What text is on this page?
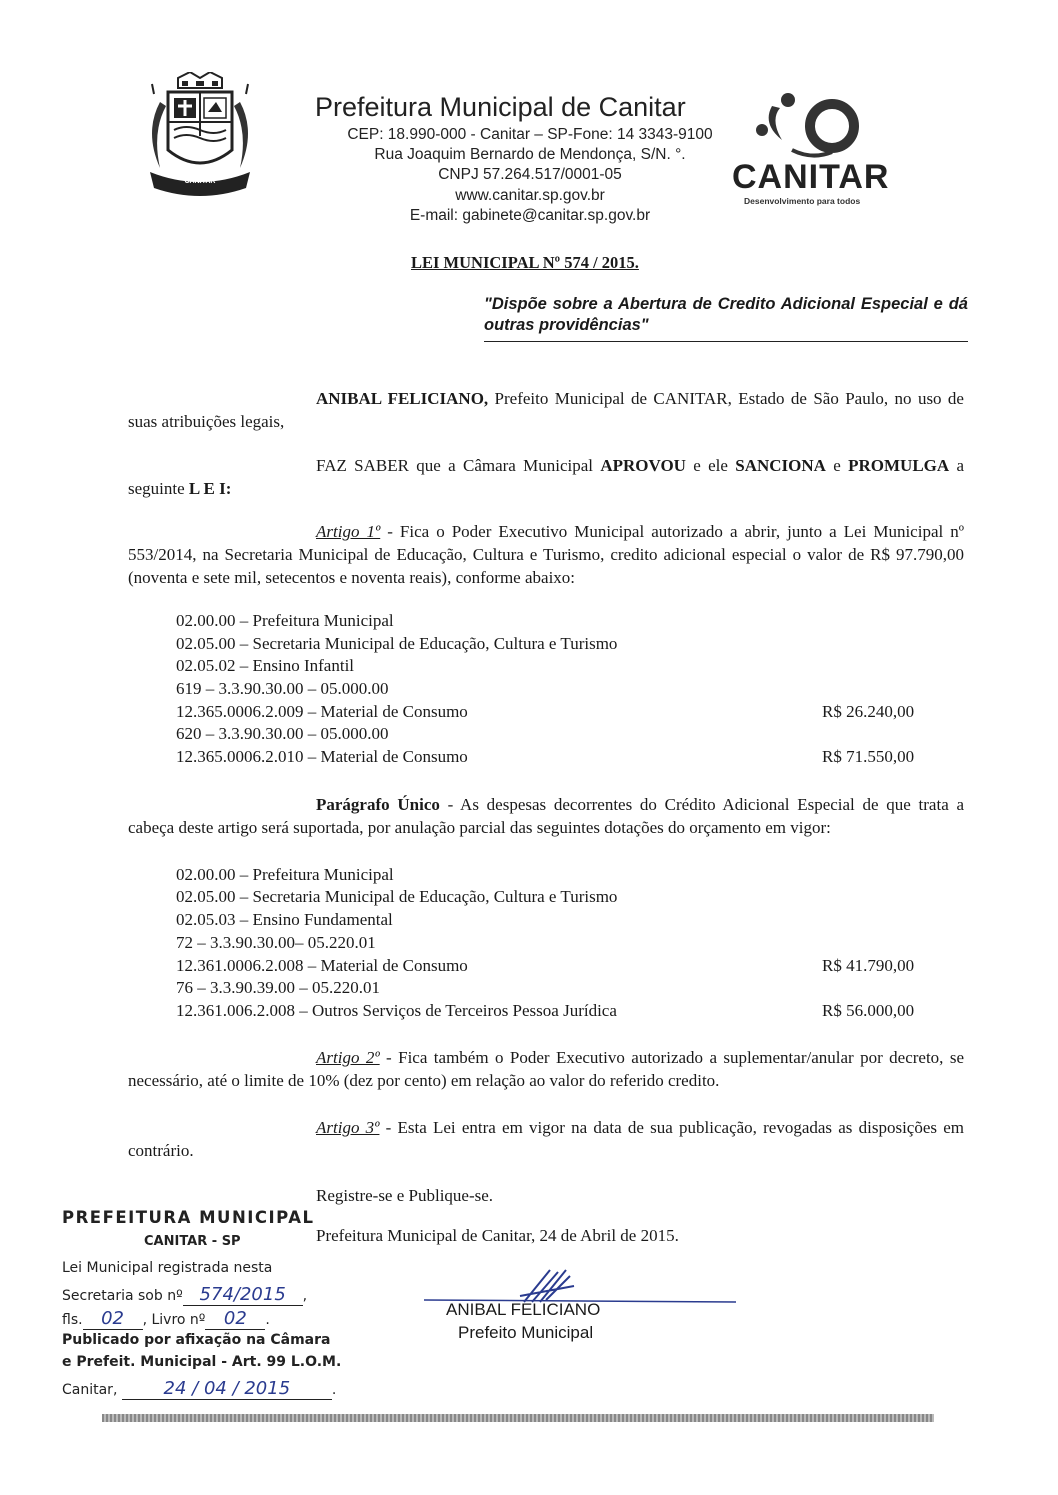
CANITAR
Prefeitura Municipal de Canitar
CEP: 18.990-000 - Canitar – SP-Fone: 14 3343-9100
Rua Joaquim Bernardo de Mendonça, S/N. °.
CNPJ 57.264.517/0001-05
www.canitar.sp.gov.br
E-mail: gabinete@canitar.sp.gov.br
CANITAR
Desenvolvimento para todos
LEI MUNICIPAL Nº 574 / 2015.
"Dispõe sobre a Abertura de Credito Adicional Especial e dá outras providências"
ANIBAL FELICIANO, Prefeito Municipal de CANITAR, Estado de São Paulo, no uso de suas atribuições legais,
FAZ SABER que a Câmara Municipal APROVOU e ele SANCIONA e PROMULGA a seguinte L E I:
Artigo 1º - Fica o Poder Executivo Municipal autorizado a abrir, junto a Lei Municipal nº 553/2014, na Secretaria Municipal de Educação, Cultura e Turismo, credito adicional especial o valor de R$ 97.790,00 (noventa e sete mil, setecentos e noventa reais), conforme abaixo:
02.00.00 – Prefeitura Municipal
02.05.00 – Secretaria Municipal de Educação, Cultura e Turismo
02.05.02 – Ensino Infantil
619 – 3.3.90.30.00 – 05.000.00
12.365.0006.2.009 – Material de Consumo	R$ 26.240,00
620 – 3.3.90.30.00 – 05.000.00
12.365.0006.2.010 – Material de Consumo	R$ 71.550,00
Parágrafo Único - As despesas decorrentes do Crédito Adicional Especial de que trata a cabeça deste artigo será suportada, por anulação parcial das seguintes dotações do orçamento em vigor:
02.00.00 – Prefeitura Municipal
02.05.00 – Secretaria Municipal de Educação, Cultura e Turismo
02.05.03 – Ensino Fundamental
72 – 3.3.90.30.00– 05.220.01
12.361.0006.2.008 – Material de Consumo	R$ 41.790,00
76 – 3.3.90.39.00 – 05.220.01
12.361.006.2.008 – Outros Serviços de Terceiros Pessoa Jurídica	R$ 56.000,00
Artigo 2º - Fica também o Poder Executivo autorizado a suplementar/anular por decreto, se necessário, até o limite de 10% (dez por cento) em relação ao valor do referido credito.
Artigo 3º - Esta Lei entra em vigor na data de sua publicação, revogadas as disposições em contrário.
Registre-se e Publique-se.
Prefeitura Municipal de Canitar, 24 de Abril de 2015.
ANIBAL FELICIANO
Prefeito Municipal
PREFEITURA MUNICIPAL
CANITAR - SP
Lei Municipal registrada nesta
Secretaria sob nº 574/2015 ,
fls. 02 , Livro nº 02 .
Publicado por afixação na Câmara
e Prefeit. Municipal - Art. 99 L.O.M.
Canitar,	24 / 04 / 2015	.
